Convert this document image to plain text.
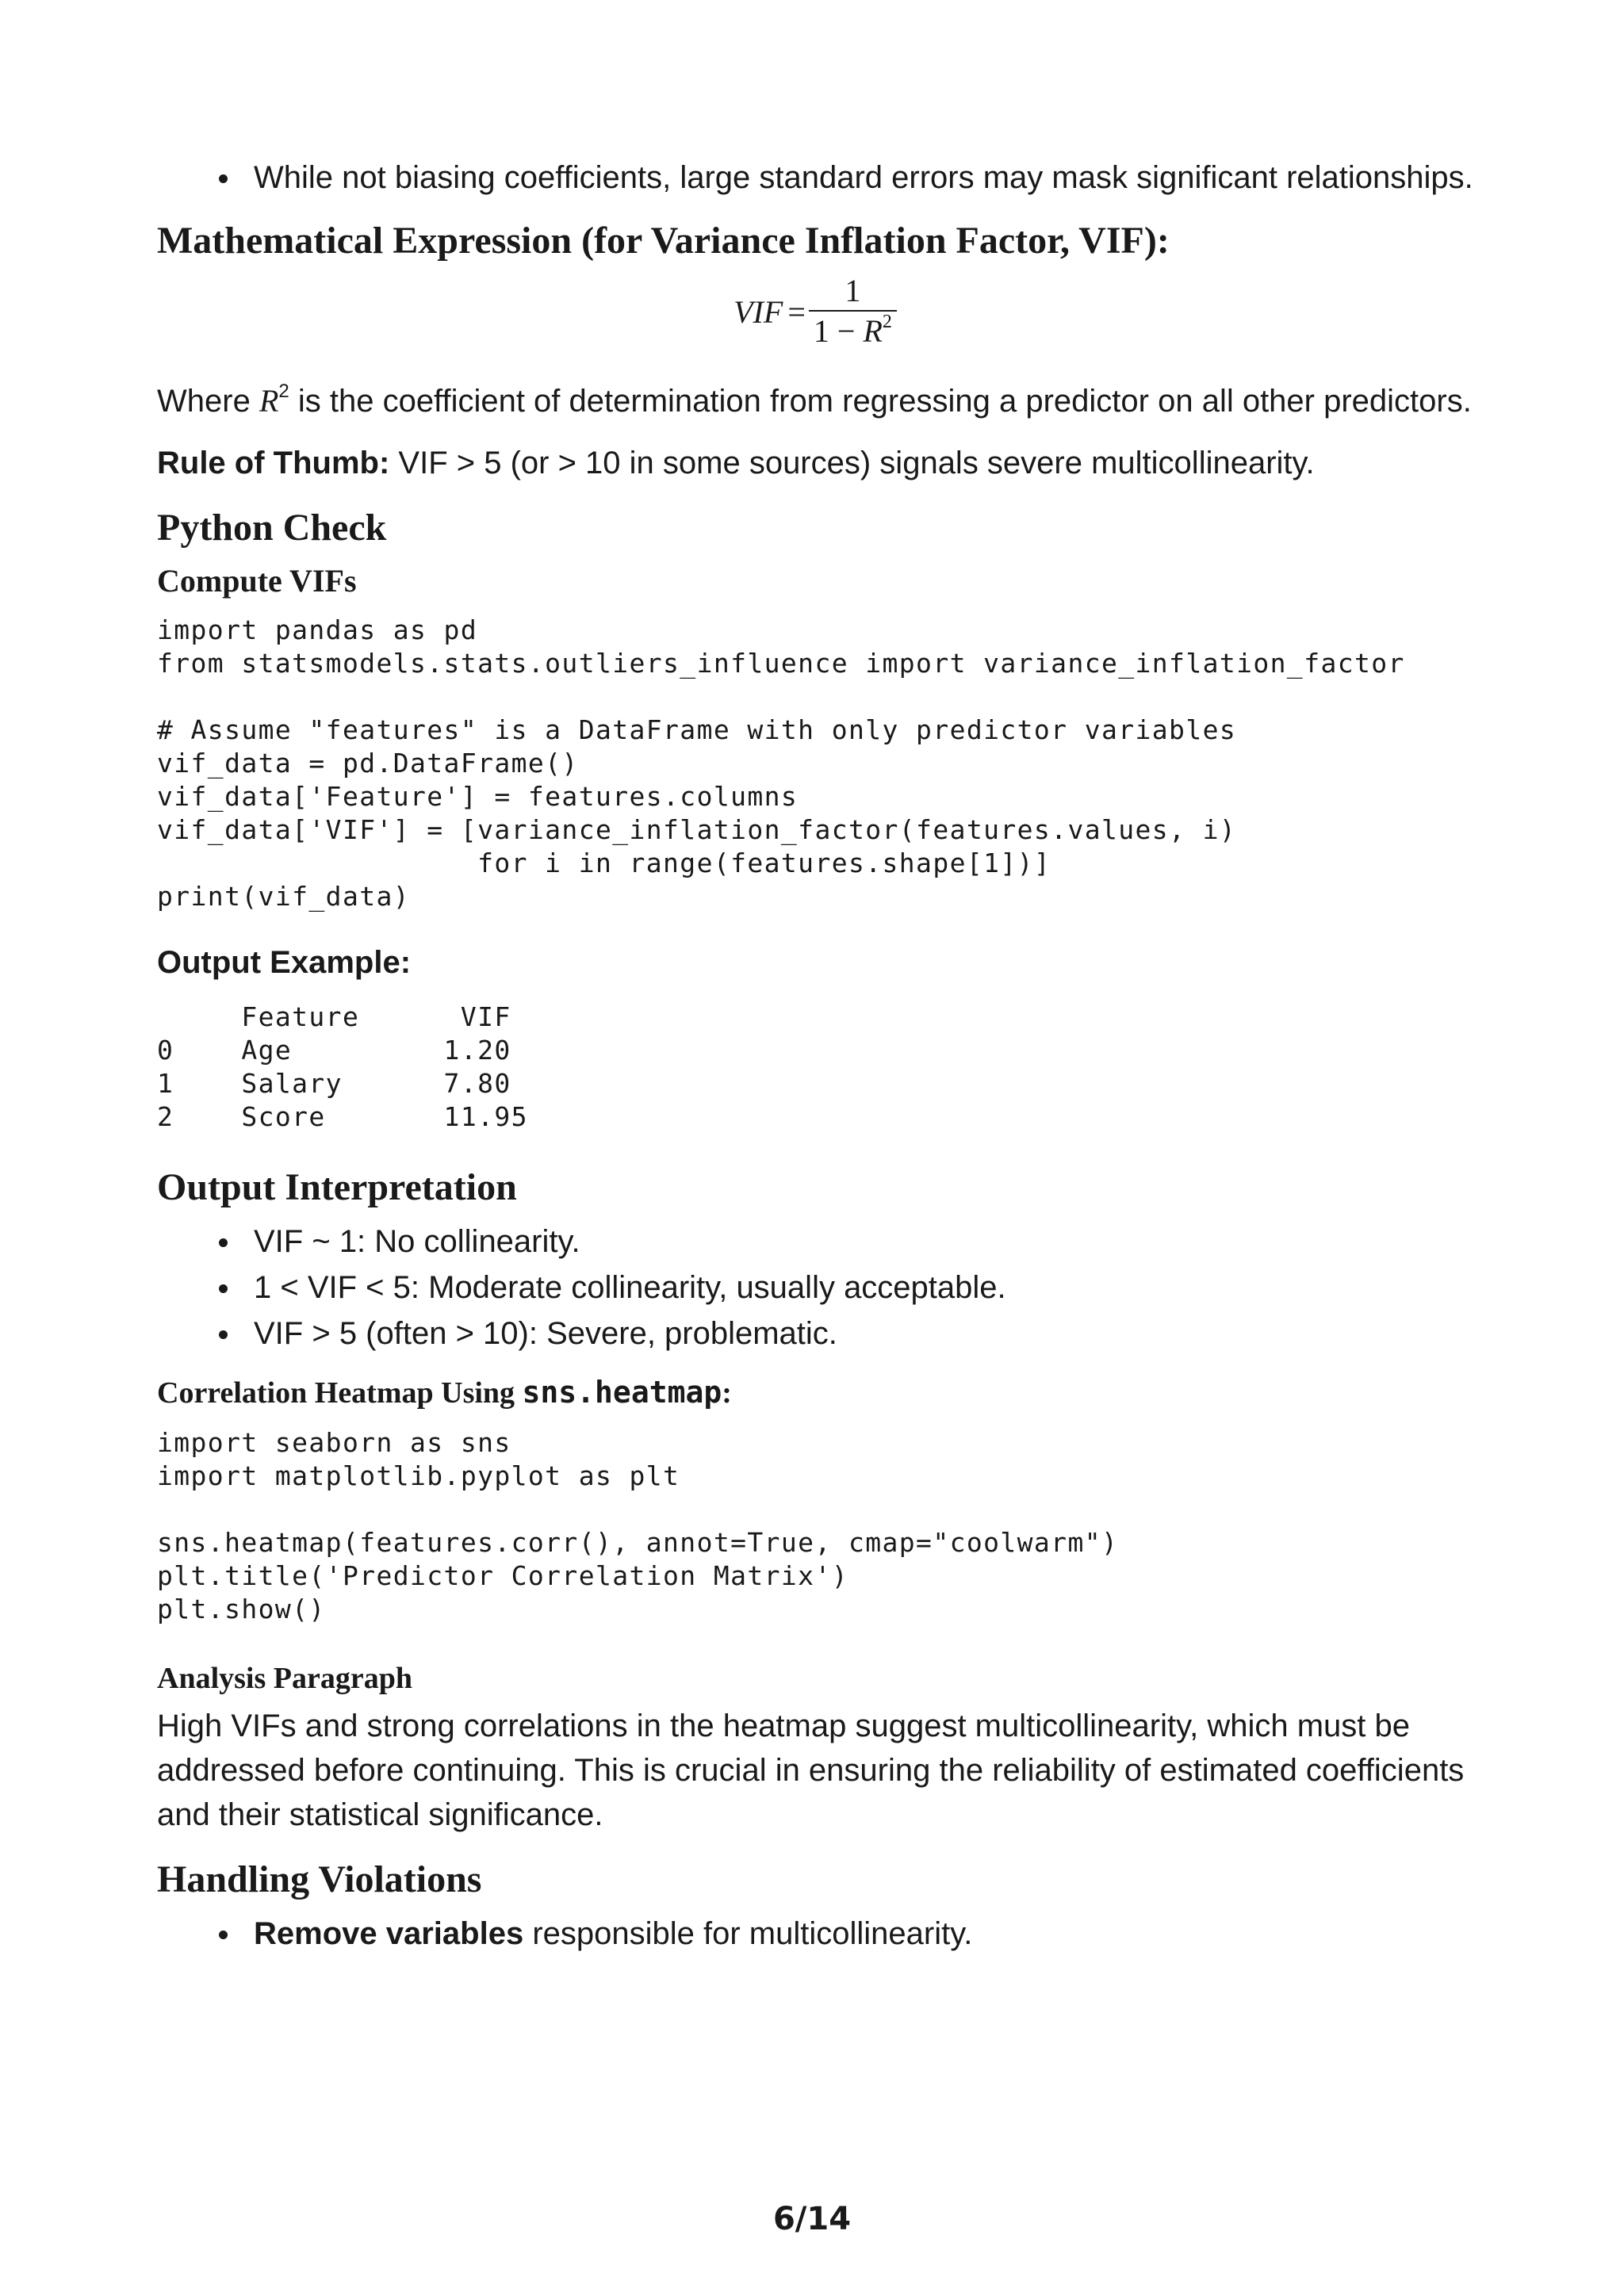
While not biasing coefficients, large standard errors may mask significant relationships.
Mathematical Expression (for Variance Inflation Factor, VIF):
VIF = $\frac{1}{1 - R^2}$

Where $R^2$ is the coefficient of determination from regressing a predictor on all other predictors.

Rule of Thumb: VIF > 5 (or > 10 in some sources) signals severe multicollinearity.

Python Check
Compute VIFs
import pandas as pd
from statsmodels.stats.outliers_influence import variance_inflation_factor

# Assume "features" is a DataFrame with only predictor variables
vif_data = pd.DataFrame()
vif_data['Feature'] = features.columns
vif_data['VIF'] = [variance_inflation_factor(features.values, i)
for i in range(features.shape[1])]
print(vif_data)

Output Example:

Feature      VIF
0    Age         1.20
1    Salary      7.80
2    Score       11.95
Output Interpretation
VIF ~ 1: No collinearity.
1 < VIF < 5: Moderate collinearity, usually acceptable.
VIF > 5 (often > 10): Severe, problematic.
Correlation Heatmap Using sns.heatmap:
import seaborn as sns
import matplotlib.pyplot as plt

sns.heatmap(features.corr(), annot=True, cmap="coolwarm")
plt.title('Predictor Correlation Matrix')
plt.show()
Analysis Paragraph

High VIFs and strong correlations in the heatmap suggest multicollinearity, which must be addressed before continuing. This is crucial in ensuring the reliability of estimated coefficients and their statistical significance.

Handling Violations
Remove variables responsible for multicollinearity.
6/14
